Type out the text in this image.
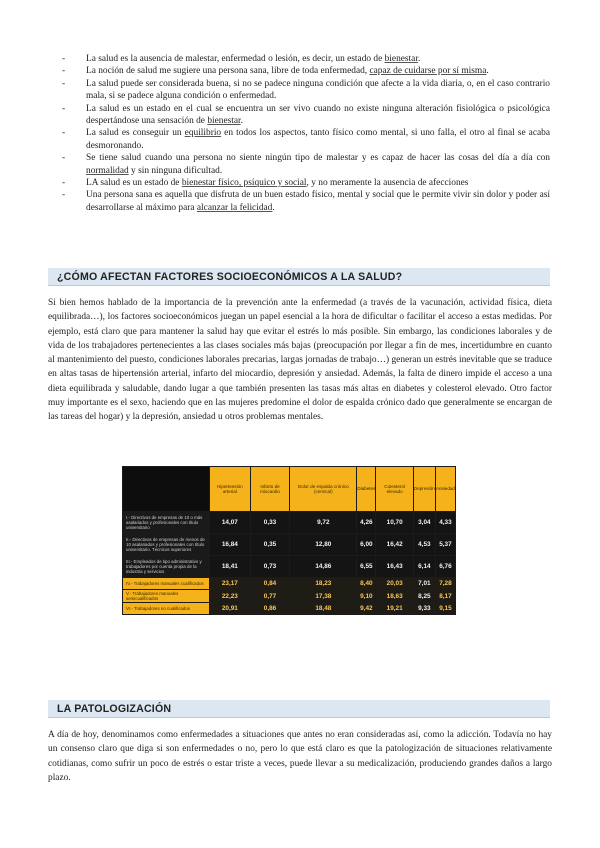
- La salud es la ausencia de malestar, enfermedad o lesión, es decir, un estado de bienestar.
- La noción de salud me sugiere una persona sana, libre de toda enfermedad, capaz de cuidarse por sí misma.
- La salud puede ser considerada buena, si no se padece ninguna condición que afecte a la vida diaria, o, en el caso contrario mala, si se padece alguna condición o enfermedad.
- La salud es un estado en el cual se encuentra un ser vivo cuando no existe ninguna alteración fisiológica o psicológica despertándose una sensación de bienestar.
- La salud es conseguir un equilibrio en todos los aspectos, tanto físico como mental, si uno falla, el otro al final se acaba desmoronando.
- Se tiene salud cuando una persona no siente ningún tipo de malestar y es capaz de hacer las cosas del día a día con normalidad y sin ninguna dificultad.
- LA salud es un estado de bienestar físico, psíquico y social, y no meramente la ausencia de afecciones
- Una persona sana es aquella que disfruta de un buen estado físico, mental y social que le permite vivir sin dolor y poder así desarrollarse al máximo para alcanzar la felicidad.
¿CÓMO AFECTAN FACTORES SOCIOECONÓMICOS A LA SALUD?

Si bien hemos hablado de la importancia de la prevención ante la enfermedad (a través de la vacunación, actividad física, dieta equilibrada…), los factores socioeconómicos juegan un papel esencial a la hora de dificultar o facilitar el acceso a estas medidas. Por ejemplo, está claro que para mantener la salud hay que evitar el estrés lo más posible. Sin embargo, las condiciones laborales y de vida de los trabajadores pertenecientes a las clases sociales más bajas (preocupación por llegar a fin de mes, incertidumbre en cuanto al mantenimiento del puesto, condiciones laborales precarias, largas jornadas de trabajo…) generan un estrés inevitable que se traduce en altas tasas de hipertensión arterial, infarto del miocardio, depresión y ansiedad. Además, la falta de dinero impide el acceso a una dieta equilibrada y saludable, dando lugar a que también presenten las tasas más altas en diabetes y colesterol elevado. Otro factor muy importante es el sexo, haciendo que en las mujeres predomine el dolor de espalda crónico dado que generalmente se encargan de las tareas del hogar) y la depresión, ansiedad u otros problemas mentales.

	Hipertensión arterial	Infarto de miocardio	Dolor de espalda crónico (cervical)	Diabetes	Colesterol elevado	Depresión	Ansiedad
I.- Directivos de empresas de 10 o más asalariados y profesionales con título universitario	14,07	0,33	9,72	4,26	10,70	3,04	4,33
II.- Directivos de empresas de menos de 10 asalariados y profesionales con título universitario. Técnicos superiores	16,84	0,35	12,80	6,00	16,42	4,53	5,37
III.- Empleados de tipo administrativo y trabajadores por cuenta propia de la industria y servicios	18,41	0,73	14,86	6,55	16,43	6,14	6,76
IV.- Trabajadores manuales cualificados	23,17	0,84	18,23	8,40	20,03	7,01	7,28
V.- Trabajadores manuales semicualificados	22,23	0,77	17,38	9,10	18,63	8,25	8,17
VI.- Trabajadores no cualificados	20,91	0,86	18,48	9,42	19,21	9,33	9,15
LA PATOLOGIZACIÓN

A día de hoy, denominamos como enfermedades a situaciones que antes no eran consideradas así, como la adicción. Todavía no hay un consenso claro que diga si son enfermedades o no, pero lo que está claro es que la patologización de situaciones relativamente cotidianas, como sufrir un poco de estrés o estar triste a veces, puede llevar a su medicalización, produciendo grandes daños a largo plazo.
